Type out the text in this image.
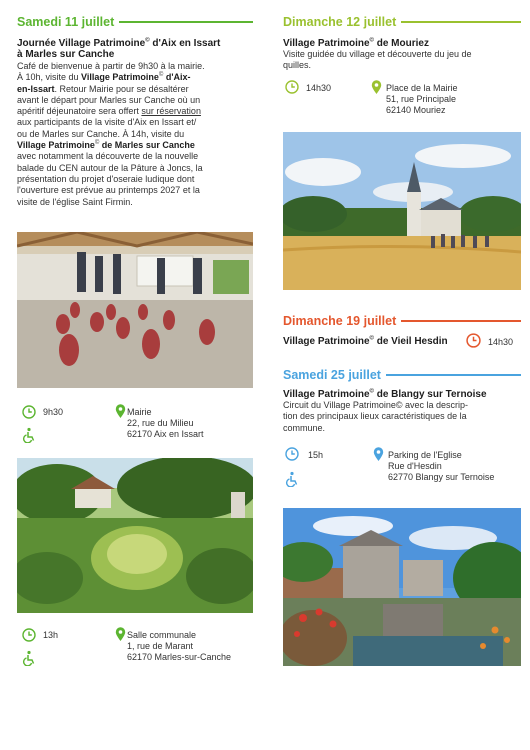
Samedi 11 juillet
Journée Village Patrimoine© d'Aix en Issart
à Marles sur Canche
Café de bienvenue à partir de 9h30 à la mairie.
À 10h, visite du Village Patrimoine© d'Aix-
en-Issart. Retour Mairie pour se désaltérer
avant le départ pour Marles sur Canche où un
apéritif déjeunatoire sera offert sur réservation
aux participants de la visite d'Aix en Issart et/
ou de Marles sur Canche. À 14h, visite du
Village Patrimoine© de Marles sur Canche
avec notamment la découverte de la nouvelle
balade du CEN autour de la Pâture à Joncs, la
présentation du projet d'oseraie ludique dont
l'ouverture est prévue au printemps 2027 et la
visite de l'église Saint Firmin.
9h30	Mairie
22, rue du Milieu
62170 Aix en Issart
13h	Salle communale
1, rue de Marant
62170 Marles-sur-Canche
Dimanche 12 juillet
Village Patrimoine© de Mouriez
Visite guidée du village et découverte du jeu de
quilles.
14h30	Place de la Mairie
51, rue Principale
62140 Mouriez
Dimanche 19 juillet
Village Patrimoine© de Vieil Hesdin	14h30
Samedi 25 juillet
Village Patrimoine© de Blangy sur Ternoise
Circuit du Village Patrimoine© avec la descrip-
tion des principaux lieux caractéristiques de la
commune.
15h	Parking de l'Eglise
Rue d'Hesdin
62770 Blangy sur Ternoise
